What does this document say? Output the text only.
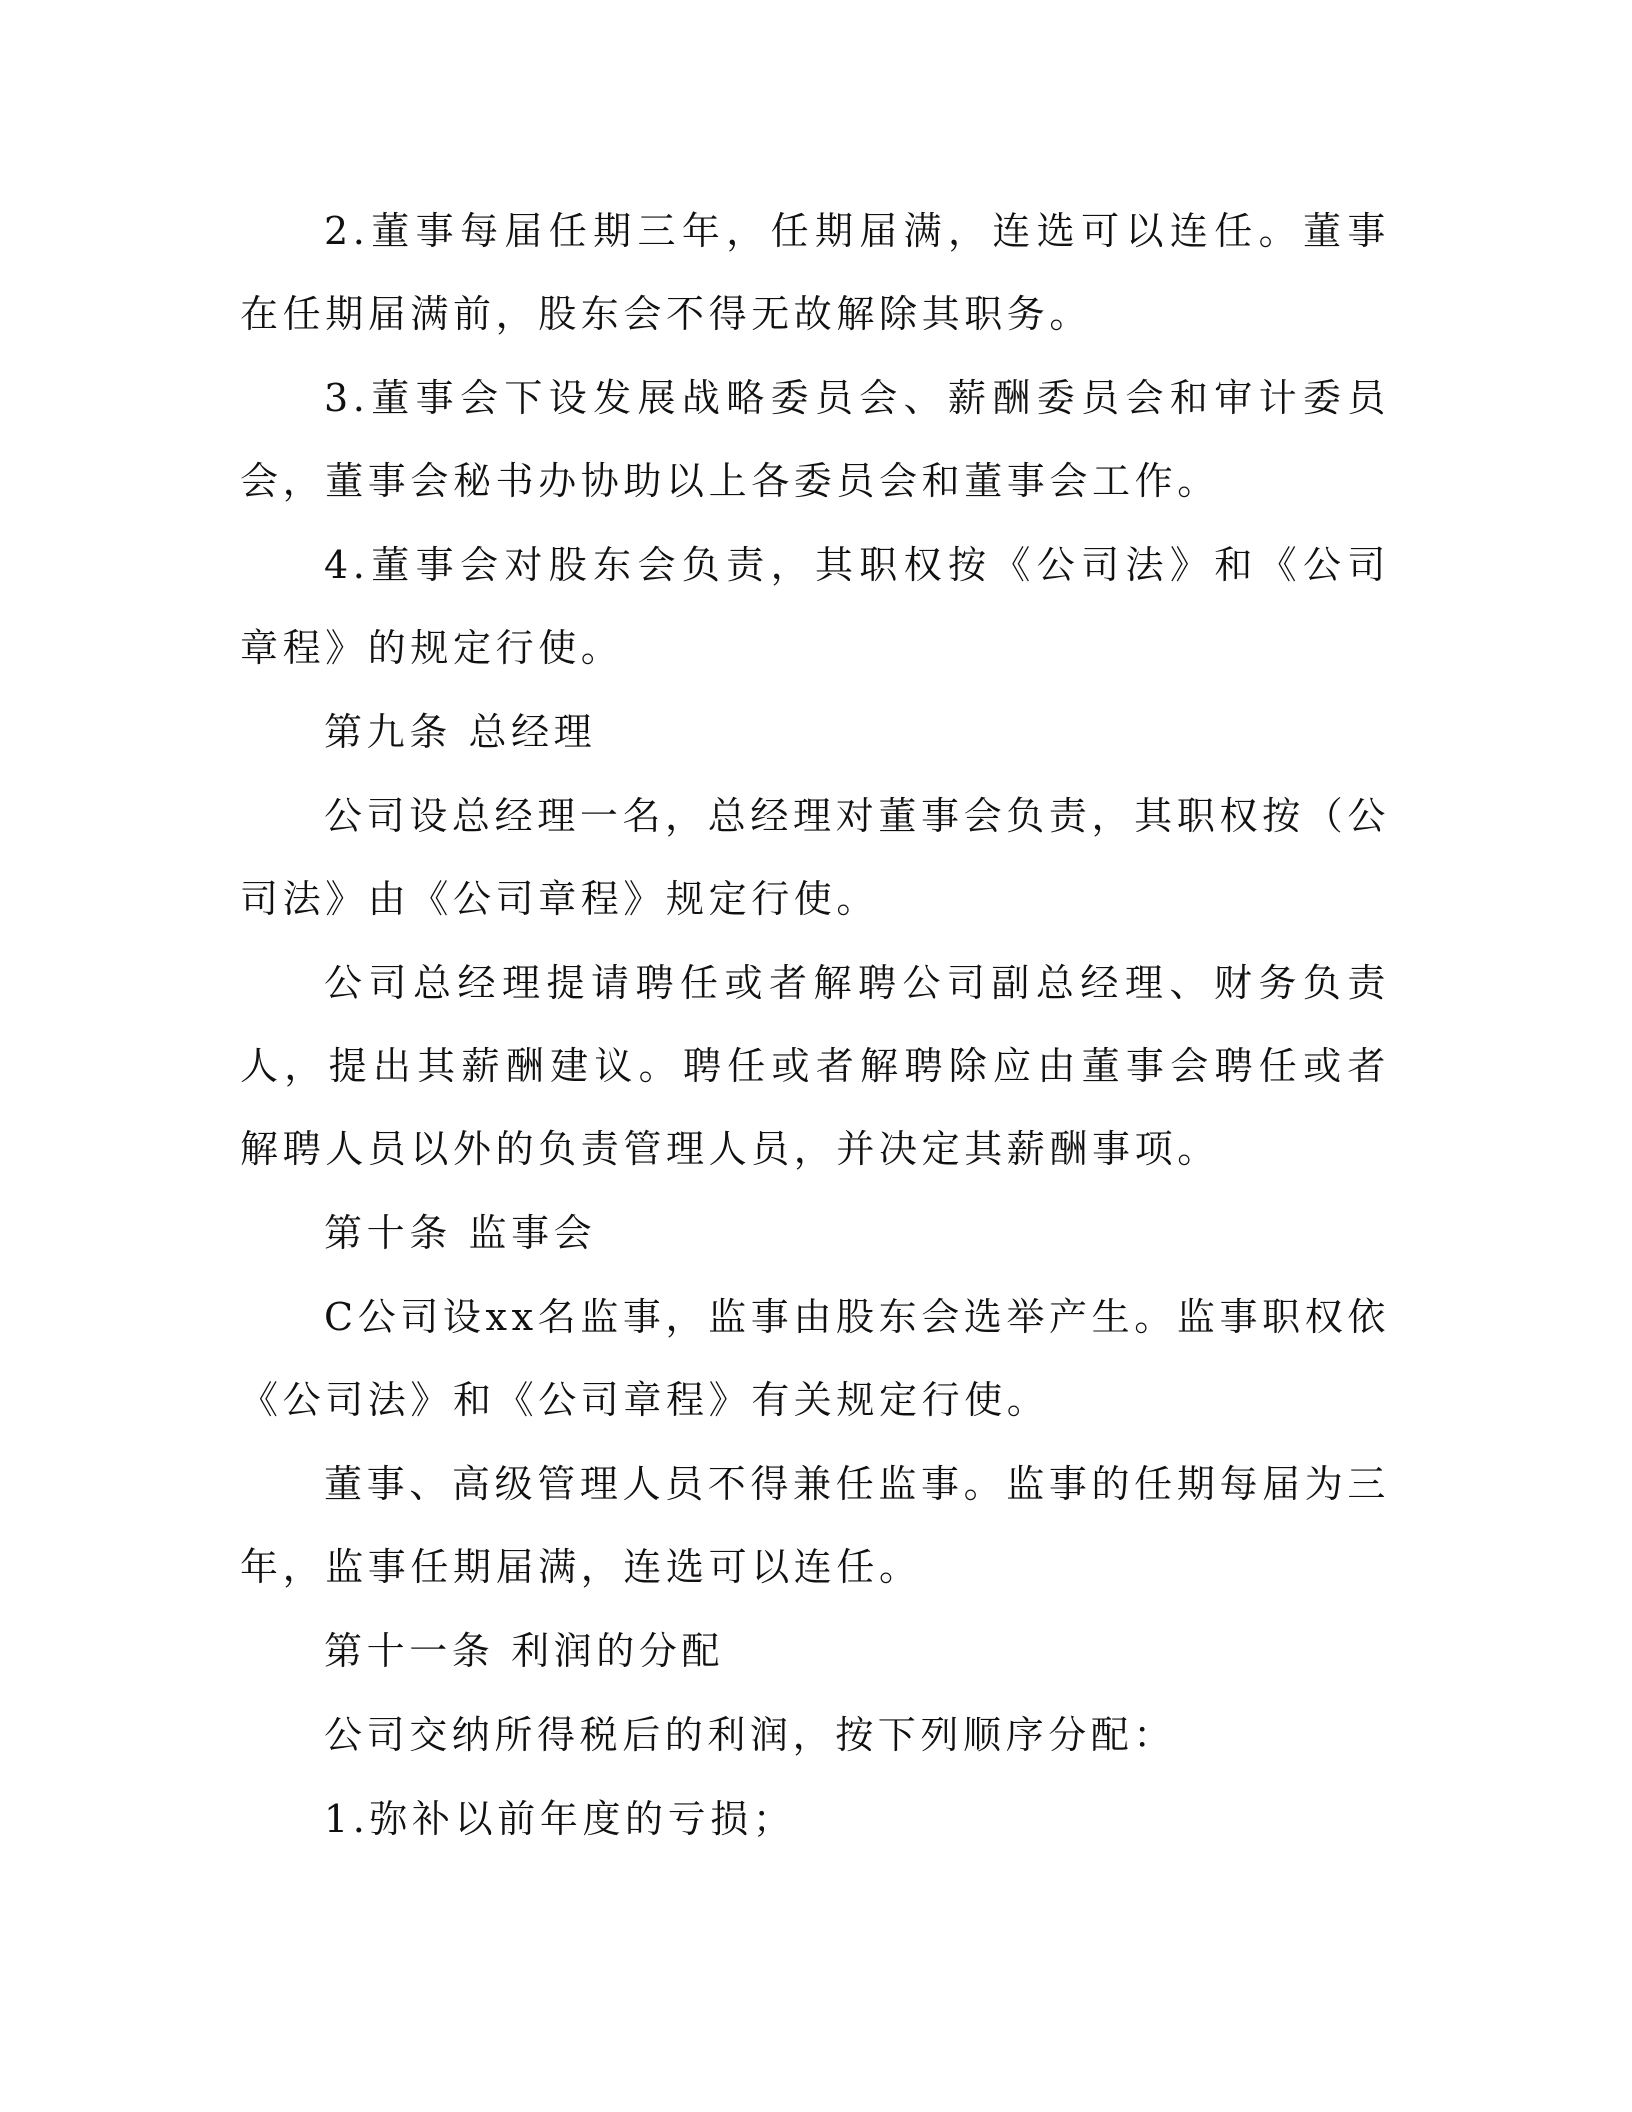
2.董事每届任期三年，任期届满，连选可以连任。董事在任期届满前，股东会不得无故解除其职务。

3.董事会下设发展战略委员会、薪酬委员会和审计委员会，董事会秘书办协助以上各委员会和董事会工作。

4.董事会对股东会负责，其职权按《公司法》和《公司章程》的规定行使。

第九条 总经理

公司设总经理一名，总经理对董事会负责，其职权按（公司法》由《公司章程》规定行使。

公司总经理提请聘任或者解聘公司副总经理、财务负责人，提出其薪酬建议。聘任或者解聘除应由董事会聘任或者解聘人员以外的负责管理人员，并决定其薪酬事项。

第十条 监事会

C公司设xx名监事，监事由股东会选举产生。监事职权依《公司法》和《公司章程》有关规定行使。

董事、高级管理人员不得兼任监事。监事的任期每届为三年，监事任期届满，连选可以连任。

第十一条 利润的分配

公司交纳所得税后的利润，按下列顺序分配：

1.弥补以前年度的亏损；
